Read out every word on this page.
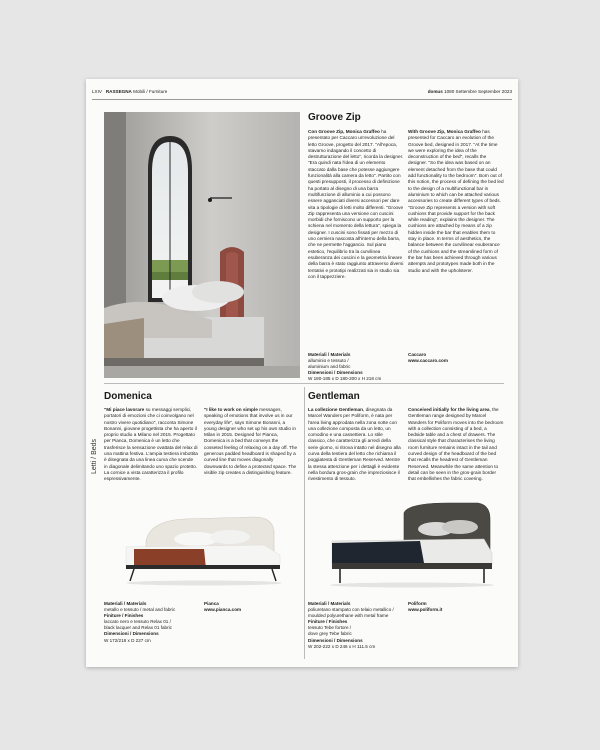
LXIV RASSEGNA Mobili / Furniture	domus 1080 Settembre September 2023
Letti / Beds
Groove Zip

Con Groove Zip, Monica Graffeo ha presentato per Caccaro un'evoluzione del letto Groove, progetto del 2017. "All'epoca, stavamo indagando il concetto di destrutturazione del letto", ricorda la designer. "Era quindi nata l'idea di un elemento staccato dalla base che potesse aggiungere funzionalità alla camera da letto". Partito con questi presupposti, il processo di definizione ha portato al disegno di una barra multifunzione di alluminio a cui possono essere agganciati diversi accessori per dare vita a tipologie di letti molto differenti. "Groove Zip rappresenta una versione con cuscini morbidi che forniscono un supporto per la schiena nel momento della lettura", spiega la designer. I cuscini sono fissati per mezzo di uno cerniera nascosta all'interno della barra, che ne permette l'aggancio. Sul piano estetico, l'equilibrio tra la curvilinea esuberanza dei cuscini e la geometria lineare della barra è stato raggiunto attraverso diversi tentativi e prototipi realizzati sia in studio sia con il tappezziere.

With Groove Zip, Monica Graffeo has presented for Caccaro an evolution of the Groove bed, designed in 2017. "At the time we were exploring the idea of the deconstruction of the bed", recalls the designer. "So the idea was based on an element detached from the base that could add functionality to the bedroom". Born out of this notion, the process of defining the bed led to the design of a multifunctional bar in aluminium to which can be attached various accessories to create different types of beds. "Groove Zip represents a version with soft cushions that provide support for the back while reading", explains the designer. The cushions are attached by means of a zip hidden inside the bar that enables them to stay in place. In terms of aesthetics, the balance between the curvilinear exuberance of the cushions and the streamlined form of the bar has been achieved through various attempts and prototypes made both in the studio and with the upholsterer.

Materiali / Materials
alluminio e tessuto /
aluminium and fabric
Dimensioni / Dimensions
W 180-185 x D 180-200 x H 218 cm
Caccaro
www.caccaro.com
Domenica

"Mi piace lavorare su messaggi semplici, portatori di emozioni che ci coinvolgano nel nostro vivere quotidiano", racconta Simone Bonanni, giovane progettista che ha aperto il proprio studio a Milano nel 2015. Progettato per Pianca, Domenica è un letto che trasferisce la sensazione ovattata del relax di una mattina festiva. L'ampia testiera imbottita è disegnata da una linea curva che scende in diagonale delimitando uno spazio protetto. La cornice a vista caratterizza il profilo espressivamente.

"I like to work on simple messages, speaking of emotions that involve us in our everyday life", says Simone Bonanni, a young designer who set up his own studio in Milan in 2015. Designed for Pianca, Domenica is a bed that conveys the cosseted feeling of relaxing on a day off. The generous padded headboard is shaped by a curved line that moves diagonally downwards to define a protected space. The visible zip creates a distinguishing feature.

Materiali / Materials
metallo e tessuto / metal and fabric
Finiture / Finishes
laccato nero e tessuto Relax 01 /
black lacquer and Relax 01 fabric
Dimensioni / Dimensions
W 172/218 x D 227 cm
Pianca
www.pianca.com
Gentleman

La collezione Gentleman, disegnata da Marcel Wanders per Poliform, è nata per l'area living approdata nella zona notte con una collezione composta da un letto, un comodino e una cassettiera. Lo stile classico, che caratterizza gli arredi della serie giorno, si ritrova intatto nel disegno alla curva della testiera del letto che richiama il poggiatesta di Gentleman Reserved. Mentre la stessa attenzione per i dettagli è evidente nella bordura gros-grain che impreziosisce il rivestimento di tessuto.

Conceived initially for the living area, the Gentleman range designed by Marcel Wanders for Poliform moves into the bedroom with a collection consisting of a bed, a bedside table and a chest of drawers. The classical style that characterises the living room furniture remains intact in the tail and curved design of the headboard of the bed that recalls the headrest of Gentleman Reserved. Meanwhile the same attention to detail can be seen in the gros-grain border that embellishes the fabric covering.

Materiali / Materials
poliuretano stampato con telaio metallico /
moulded polyurethane with metal frame
Finiture / Finishes
tessuto Tebe fortore /
dove grey Tebe fabric
Dimensioni / Dimensions
W 202-222 x D 246 x H 111.5 cm
Poliform
www.poliform.it
